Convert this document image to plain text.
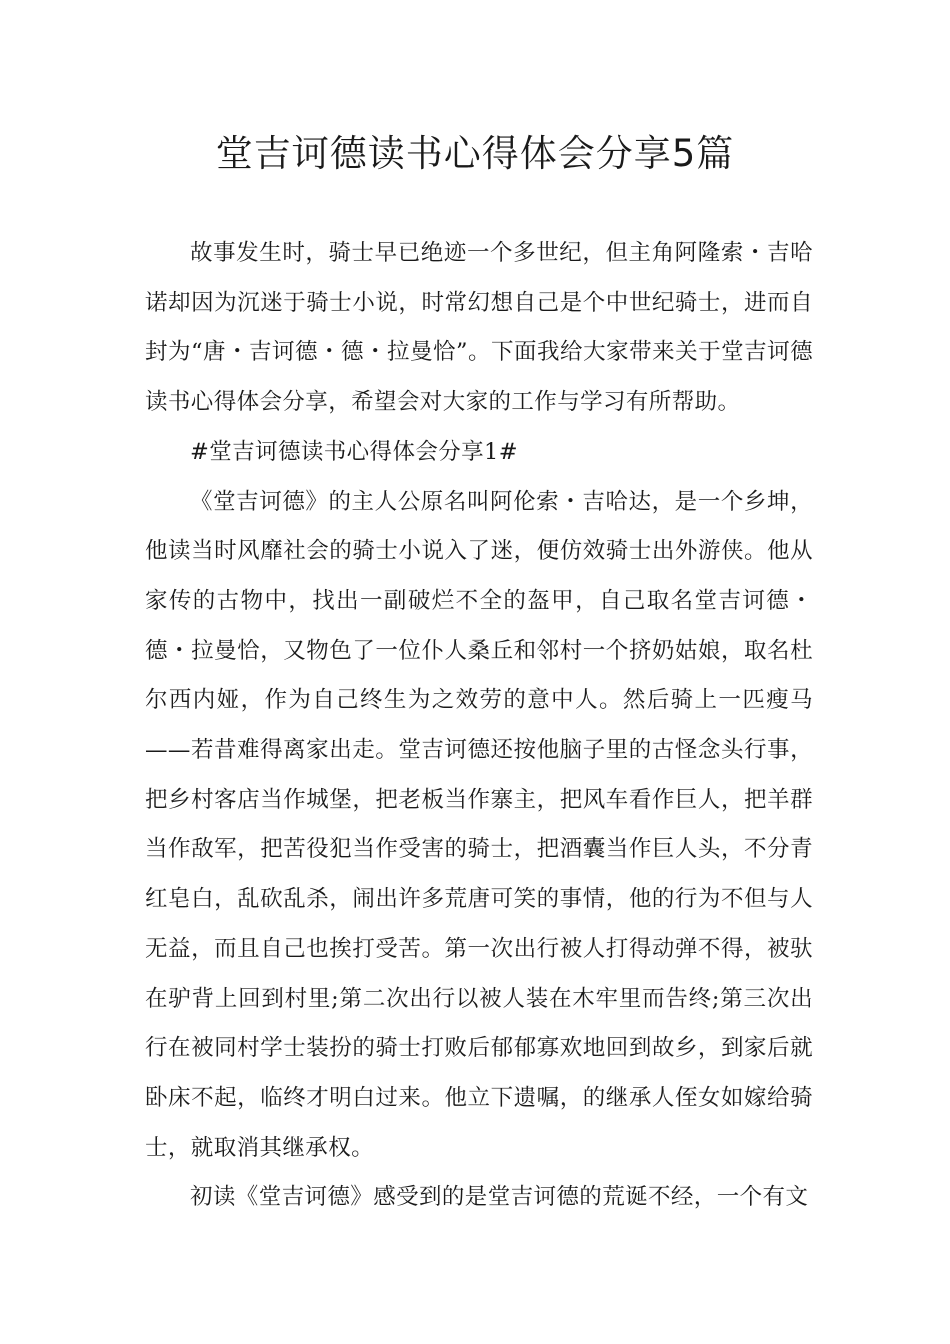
堂吉诃德读书心得体会分享5篇

故事发生时，骑士早已绝迹一个多世纪，但主角阿隆索・吉哈诺却因为沉迷于骑士小说，时常幻想自己是个中世纪骑士，进而自封为“唐・吉诃德・德・拉曼恰”。下面我给大家带来关于堂吉诃德读书心得体会分享，希望会对大家的工作与学习有所帮助。

#堂吉诃德读书心得体会分享1#

《堂吉诃德》的主人公原名叫阿伦索・吉哈达，是一个乡坤，他读当时风靡社会的骑士小说入了迷，便仿效骑士出外游侠。他从家传的古物中，找出一副破烂不全的盔甲，自己取名堂吉诃德・德・拉曼恰，又物色了一位仆人桑丘和邻村一个挤奶姑娘，取名杜尔西内娅，作为自己终生为之效劳的意中人。然后骑上一匹瘦马——若昔难得离家出走。堂吉诃德还按他脑子里的古怪念头行事，把乡村客店当作城堡，把老板当作寨主，把风车看作巨人，把羊群当作敌军，把苦役犯当作受害的骑士，把酒囊当作巨人头，不分青红皂白，乱砍乱杀，闹出许多荒唐可笑的事情，他的行为不但与人无益，而且自己也挨打受苦。第一次出行被人打得动弹不得，被驮在驴背上回到村里;第二次出行以被人装在木牢里而告终;第三次出行在被同村学士装扮的骑士打败后郁郁寡欢地回到故乡，到家后就卧床不起，临终才明白过来。他立下遗嘱，的继承人侄女如嫁给骑士，就取消其继承权。

初读《堂吉诃德》感受到的是堂吉诃德的荒诞不经，一个有文
